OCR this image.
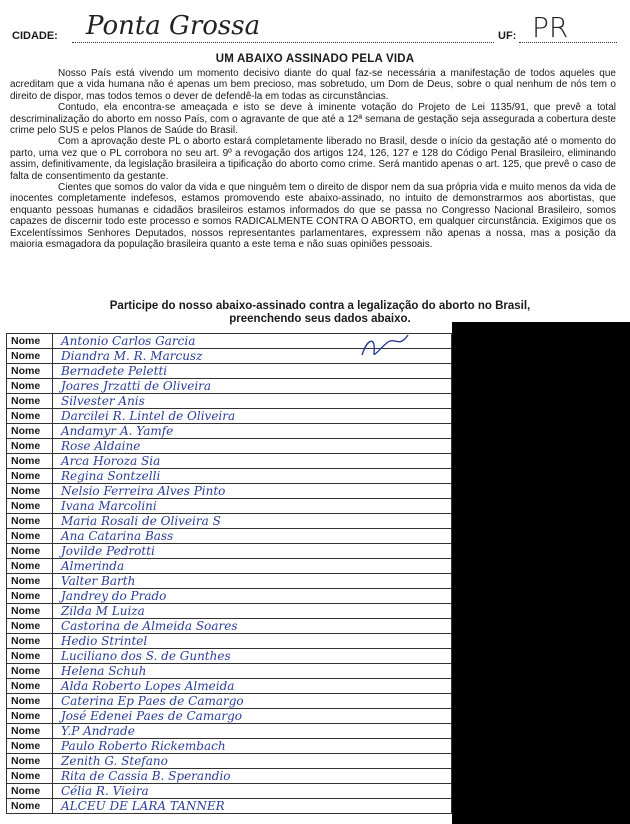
CIDADE: Ponta Grossa	UF: PR
UM ABAIXO ASSINADO PELA VIDA

Nosso País está vivendo um momento decisivo diante do qual faz-se necessária a manifestação de todos aqueles que acreditam que a vida humana não é apenas um bem precioso, mas sobretudo, um Dom de Deus, sobre o qual nenhum de nós tem o direito de dispor, mas todos temos o dever de defendê-la em todas as circunstâncias.

Contudo, ela encontra-se ameaçada e isto se deve à iminente votação do Projeto de Lei 1135/91, que prevê a total descriminalização do aborto em nosso País, com o agravante de que até a 12ª semana de gestação seja assegurada a cobertura deste crime pelo SUS e pelos Planos de Saúde do Brasil.

Com a aprovação deste PL o aborto estará completamente liberado no Brasil, desde o início da gestação até o momento do parto, uma vez que o PL corrobora no seu art. 9º a revogação dos artigos 124, 126, 127 e 128 do Código Penal Brasileiro, eliminando assim, definitivamente, da legislação brasileira a tipificação do aborto como crime. Será mantido apenas o art. 125, que prevê o caso de falta de consentimento da gestante.

Cientes que somos do valor da vida e que ninguém tem o direito de dispor nem da sua própria vida e muito menos da vida de inocentes completamente indefesos, estamos promovendo este abaixo-assinado, no intuito de demonstrarmos aos abortistas, que enquanto pessoas humanas e cidadãos brasileiros estamos informados do que se passa no Congresso Nacional Brasileiro, somos capazes de discernir todo este processo e somos RADICALMENTE CONTRA O ABORTO, em qualquer circunstância. Exigimos que os Excelentíssimos Senhores Deputados, nossos representantes parlamentares, expressem não apenas a nossa, mas a posição da maioria esmagadora da população brasileira quanto a este tema e não suas opiniões pessoais.

Participe do nosso abaixo-assinado contra a legalização do aborto no Brasil,
preenchendo seus dados abaixo.
Nome	Antonio Carlos Garcia
Nome	Diandra M. R. Marcusz
Nome	Bernadete Peletti
Nome	Joares Jrzatti de Oliveira
Nome	Silvester Anis
Nome	Darcilei R. Lintel de Oliveira
Nome	Andamyr A. Yamfe
Nome	Rose Aldaine
Nome	Arca Horoza Sia
Nome	Regina Sontzelli
Nome	Nelsio Ferreira Alves Pinto
Nome	Ivana Marcolini
Nome	Maria Rosali de Oliveira S
Nome	Ana Catarina Bass
Nome	Jovilde Pedrotti
Nome	Almerinda
Nome	Valter Barth
Nome	Jandrey do Prado
Nome	Zilda M Luiza
Nome	Castorina de Almeida Soares
Nome	Hedio Strintel
Nome	Luciliano dos S. de Gunthes
Nome	Helena Schuh
Nome	Alda Roberto Lopes Almeida
Nome	Caterina Ep Paes de Camargo
Nome	José Edenei Paes de Camargo
Nome	Y.P Andrade
Nome	Paulo Roberto Rickembach
Nome	Zenith G. Stefano
Nome	Rita de Cassia B. Sperandio
Nome	Célia R. Vieira
Nome	ALCEU DE LARA TANNER
